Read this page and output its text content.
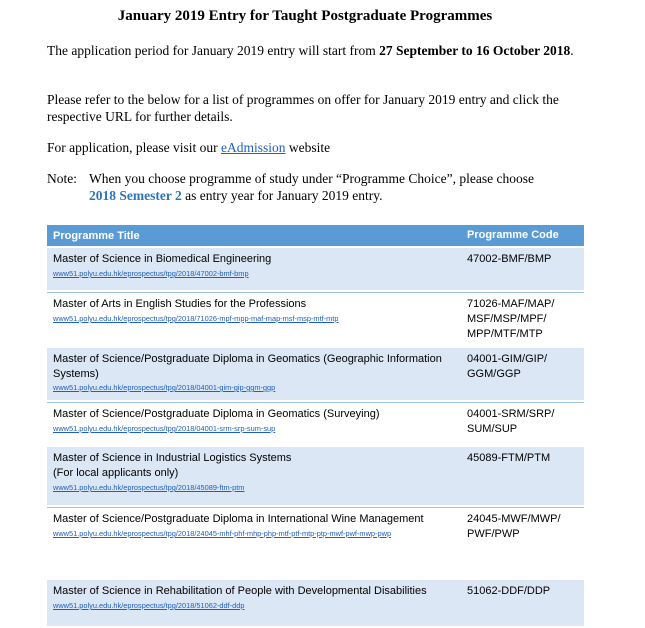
January 2019 Entry for Taught Postgraduate Programmes
The application period for January 2019 entry will start from 27 September to 16 October 2018.
Please refer to the below for a list of programmes on offer for January 2019 entry and click the respective URL for further details.
For application, please visit our eAdmission website
Note: When you choose programme of study under “Programme Choice”, please choose
2018 Semester 2 as entry year for January 2019 entry.
Programme Title	Programme Code
Master of Science in Biomedical Engineering
www51.polyu.edu.hk/eprospectus/tpg/2018/47002-bmf-bmp
47002-BMF/BMP
Master of Arts in English Studies for the Professions
www51.polyu.edu.hk/eprospectus/tpg/2018/71026-mpf-mpp-maf-map-msf-msp-mtf-mtp
71026-MAF/MAP/ MSF/MSP/MPF/ MPP/MTF/MTP
Master of Science/Postgraduate Diploma in Geomatics (Geographic Information Systems)
www51.polyu.edu.hk/eprospectus/tpg/2018/04001-gim-gip-ggm-ggp
04001-GIM/GIP/ GGM/GGP
Master of Science/Postgraduate Diploma in Geomatics (Surveying)
www51.polyu.edu.hk/eprospectus/tpg/2018/04001-srm-srp-sum-sup
04001-SRM/SRP/ SUM/SUP
Master of Science in Industrial Logistics Systems
(For local applicants only)
www51.polyu.edu.hk/eprospectus/tpg/2018/45089-ftm-ptm
45089-FTM/PTM
Master of Science/Postgraduate Diploma in International Wine Management
www51.polyu.edu.hk/eprospectus/tpg/2018/24045-mhf-phf-mhp-php-mtf-ptf-mtp-ptp-mwf-pwf-mwp-pwp
24045-MWF/MWP/ PWF/PWP
Master of Science in Rehabilitation of People with Developmental Disabilities
www51.polyu.edu.hk/eprospectus/tpg/2018/51062-ddf-ddp
51062-DDF/DDP
